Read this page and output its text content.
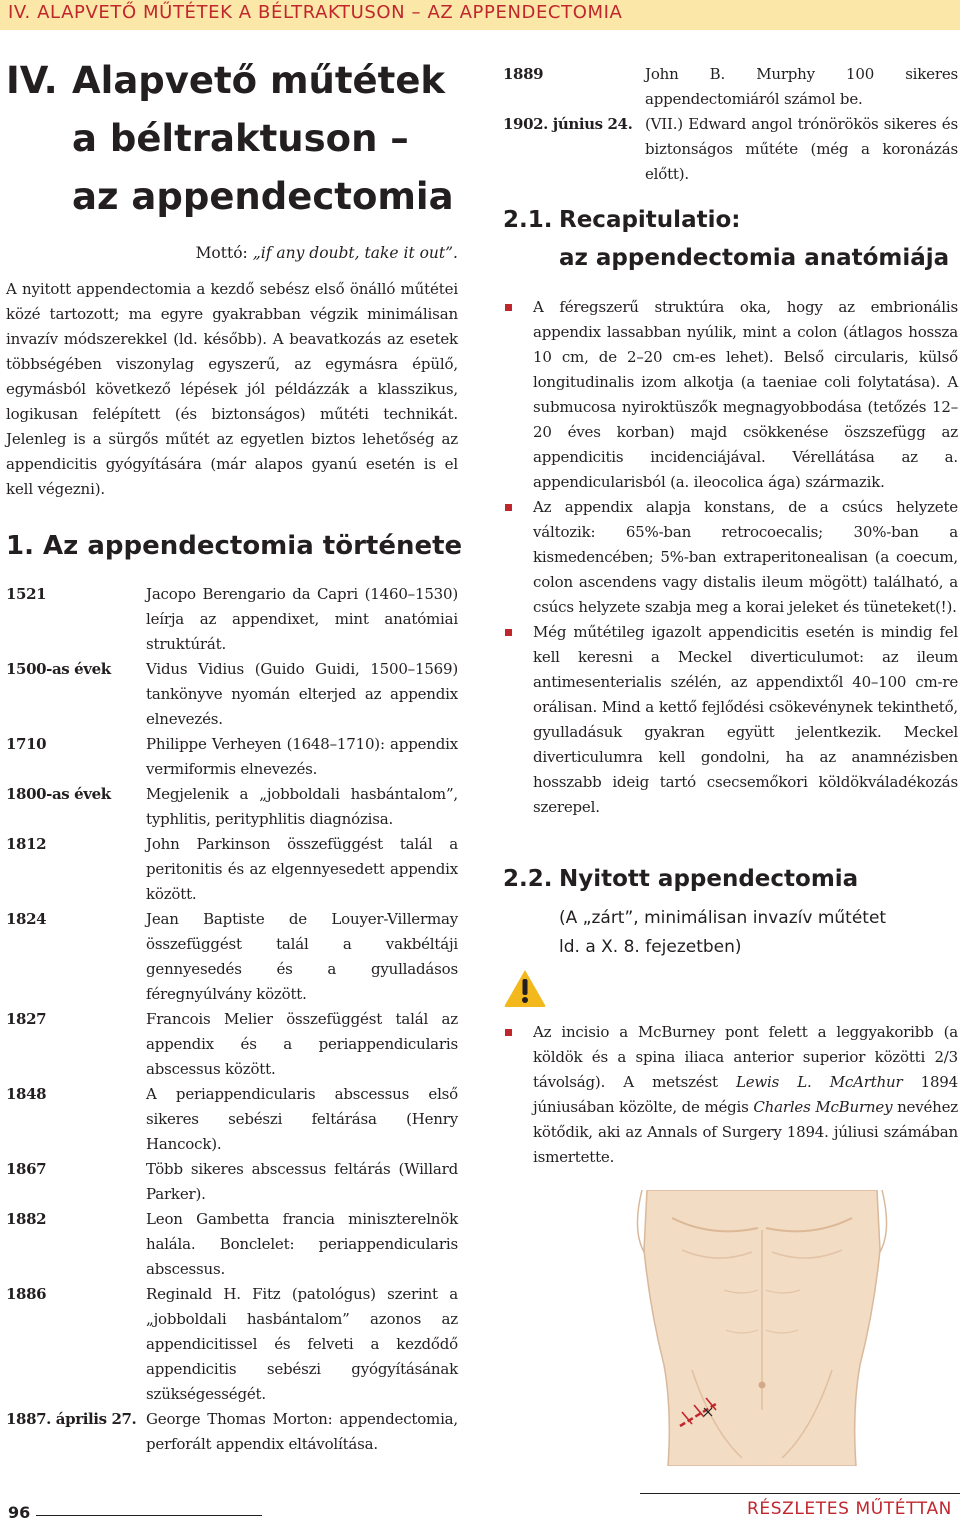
IV. ALAPVETŐ MŰTÉTEK A BÉLTRAKTUSON – AZ APPENDECTOMIA
IV. Alapvető műtétek
a béltraktuson –
az appendectomia

Mottó: „if any doubt, take it out”.

A nyitott appendectomia a kezdő sebész első önálló műtétei közé tartozott; ma egyre gyakrabban végzik minimálisan invazív módszerekkel (ld. később). A beavatkozás az esetek többségében viszonylag egyszerű, az egymásra épülő, egymásból következő lépések jól példázzák a klasszikus, logikusan felépített (és biztonságos) műtéti technikát. Jelenleg is a sürgős műtét az egyetlen biztos lehetőség az appendicitis gyógyítására (már alapos gyanú esetén is el kell végezni).

1. Az appendectomia története
1521	Jacopo Berengario da Capri (1460–1530) leírja az appendixet, mint anatómiai struktúrát.
1500-as évek	Vidus Vidius (Guido Guidi, 1500–1569) tankönyve nyomán elterjed az appendix elnevezés.
1710	Philippe Verheyen (1648–1710): appendix vermiformis elnevezés.
1800-as évek	Megjelenik a „jobboldali hasbántalom”, typhlitis, perityphlitis diagnózisa.
1812	John Parkinson összefüggést talál a peritonitis és az elgennyesedett appendix között.
1824	Jean Baptiste de Louyer-Villermay összefüggést talál a vakbéltáji gennyesedés és a gyulladásos féregnyúlvány között.
1827	Francois Melier összefüggést talál az appendix és a periappendicularis abscessus között.
1848	A periappendicularis abscessus első sikeres sebészi feltárása (Henry Hancock).
1867	Több sikeres abscessus feltárás (Willard Parker).
1882	Leon Gambetta francia miniszterelnök halála. Bonclelet: periappendicularis abscessus.
1886	Reginald H. Fitz (patológus) szerint a „jobboldali hasbántalom” azonos az appendicitissel és felveti a kezdődő appendicitis sebészi gyógyításának szükségességét.
1887. április 27. George Thomas Morton: appendectomia, perforált appendix eltávolítása.
1889	John B. Murphy 100 sikeres appendectomiáról számol be.
1902. június 24. (VII.) Edward angol trónörökös sikeres és biztonságos műtéte (még a koronázás előtt).
2.1. Recapitulatio:
az appendectomia anatómiája
A féregszerű struktúra oka, hogy az embrionális appendix lassabban nyúlik, mint a colon (átlagos hossza 10 cm, de 2–20 cm-es lehet). Belső circularis, külső longitudinalis izom alkotja (a taeniae coli folytatása). A submucosa nyiroktüszők megnagyobbodása (tetőzés 12–20 éves korban) majd csökkenése öszszefügg az appendicitis incidenciájával. Vérellátása az a. appendicularisból (a. ileocolica ága) származik.
Az appendix alapja konstans, de a csúcs helyzete változik: 65%-ban retrocoecalis; 30%-ban a kismedencében; 5%-ban extraperitonealisan (a coecum, colon ascendens vagy distalis ileum mögött) található, a csúcs helyzete szabja meg a korai jeleket és tüneteket(!).
Még műtétileg igazolt appendicitis esetén is mindig fel kell keresni a Meckel diverticulumot: az ileum antimesenterialis szélén, az appendixtől 40–100 cm-re orálisan. Mind a kettő fejlődési csökevénynek tekinthető, gyulladásuk gyakran együtt jelentkezik. Meckel diverticulumra kell gondolni, ha az anamnézisben hosszabb ideig tartó csecsemőkori köldökváladékozás szerepel.
2.2. Nyitott appendectomia
(A „zárt”, minimálisan invazív műtétet
ld. a X. 8. fejezetben)
Az incisio a McBurney pont felett a leggyakoribb (a köldök és a spina iliaca anterior superior közötti 2/3 távolság). A metszést Lewis L. McArthur 1894 júniusában közölte, de mégis Charles McBurney nevéhez kötődik, aki az Annals of Surgery 1894. júliusi számában ismertette.
96	RÉSZLETES MŰTÉTTAN
